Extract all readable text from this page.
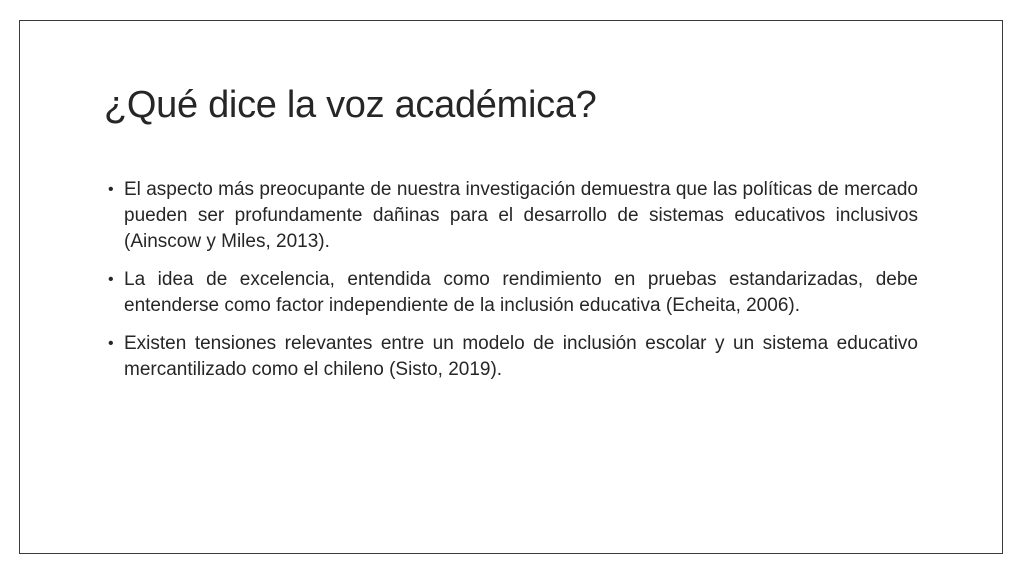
¿Qué dice la voz académica?
• El aspecto más preocupante de nuestra investigación demuestra que las políticas de mercado pueden ser profundamente dañinas para el desarrollo de sistemas educativos inclusivos (Ainscow y Miles, 2013).
• La idea de excelencia, entendida como rendimiento en pruebas estandarizadas, debe entenderse como factor independiente de la inclusión educativa (Echeita, 2006).
• Existen tensiones relevantes entre un modelo de inclusión escolar y un sistema educativo mercantilizado como el chileno (Sisto, 2019).
